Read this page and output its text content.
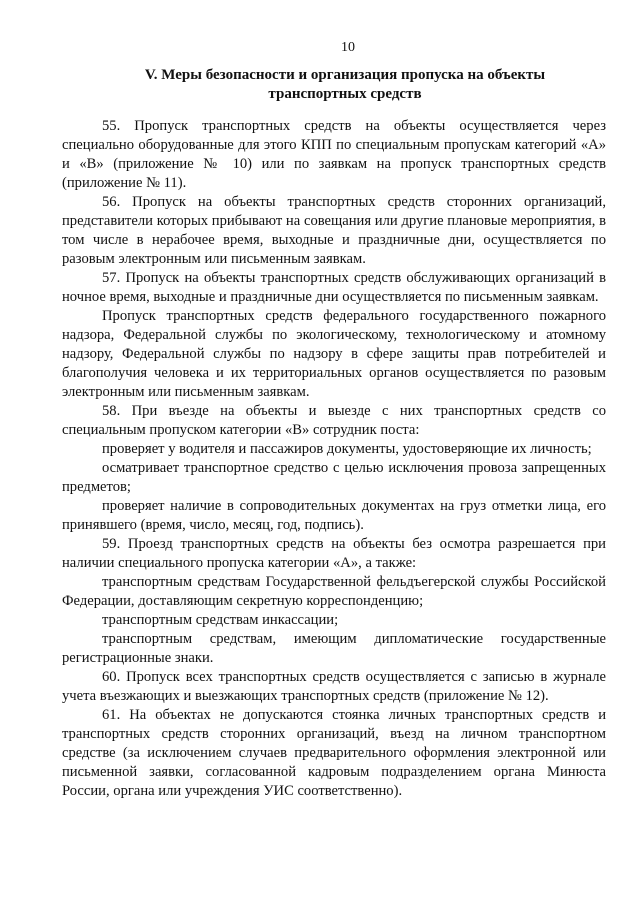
10
V. Меры безопасности и организация пропуска на объекты
транспортных средств

55. Пропуск транспортных средств на объекты осуществляется через специально оборудованные для этого КПП по специальным пропускам категорий «А» и «В» (приложение № 10) или по заявкам на пропуск транспортных средств (приложение № 11).

56. Пропуск на объекты транспортных средств сторонних организаций, представители которых прибывают на совещания или другие плановые мероприятия, в том числе в нерабочее время, выходные и праздничные дни, осуществляется по разовым электронным или письменным заявкам.

57. Пропуск на объекты транспортных средств обслуживающих организаций в ночное время, выходные и праздничные дни осуществляется по письменным заявкам.

Пропуск транспортных средств федерального государственного пожарного надзора, Федеральной службы по экологическому, технологическому и атомному надзору, Федеральной службы по надзору в сфере защиты прав потребителей и благополучия человека и их территориальных органов осуществляется по разовым электронным или письменным заявкам.

58. При въезде на объекты и выезде с них транспортных средств со специальным пропуском категории «В» сотрудник поста:

проверяет у водителя и пассажиров документы, удостоверяющие их личность;

осматривает транспортное средство с целью исключения провоза запрещенных предметов;

проверяет наличие в сопроводительных документах на груз отметки лица, его принявшего (время, число, месяц, год, подпись).

59. Проезд транспортных средств на объекты без осмотра разрешается при наличии специального пропуска категории «А», а также:

транспортным средствам Государственной фельдъегерской службы Российской Федерации, доставляющим секретную корреспонденцию;

транспортным средствам инкассации;

транспортным средствам, имеющим дипломатические государственные регистрационные знаки.

60. Пропуск всех транспортных средств осуществляется с записью в журнале учета въезжающих и выезжающих транспортных средств (приложение № 12).

61. На объектах не допускаются стоянка личных транспортных средств и транспортных средств сторонних организаций, въезд на личном транспортном средстве (за исключением случаев предварительного оформления электронной или письменной заявки, согласованной кадровым подразделением органа Минюста России, органа или учреждения УИС соответственно).
